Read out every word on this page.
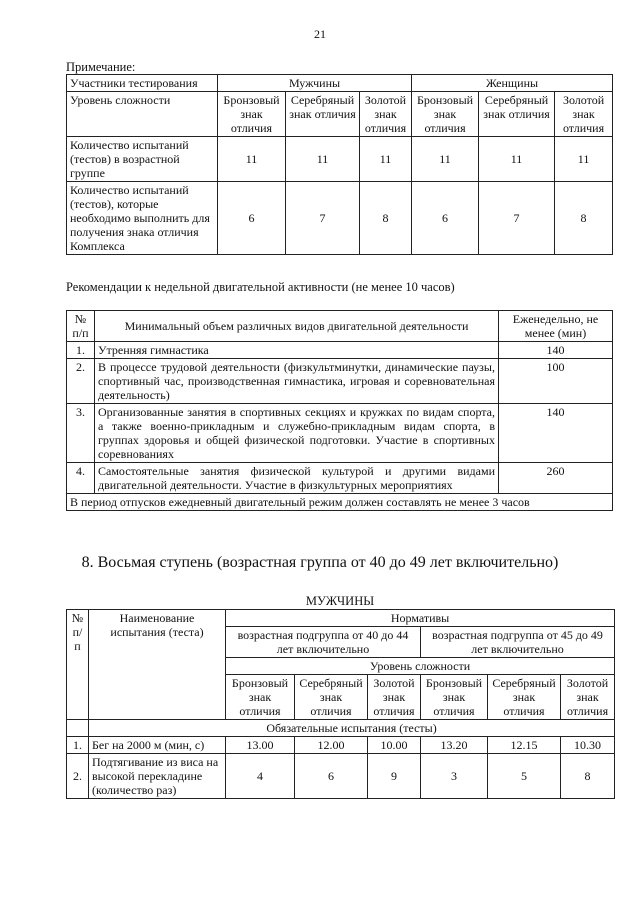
21
Примечание:
Участники тестирования	Мужчины			Женщины		
Уровень сложности	Бронзовый знак отличия	Серебряный знак отличия	Золотой знак отличия	Бронзовый знак отличия	Серебряный знак отличия	Золотой знак отличия
Количество испытаний (тестов) в возрастной группе	11	11	11	11	11	11
Количество испытаний (тестов), которые необходимо выполнить для получения знака отличия Комплекса	6	7	8	6	7	8
Рекомендации к недельной двигательной активности (не менее 10 часов)
№ п/п	Минимальный объем различных видов двигательной деятельности	Еженедельно, не менее (мин)
1.	Утренняя гимнастика	140
2.	В процессе трудовой деятельности (физкультминутки, динамические паузы, спортивный час, производственная гимнастика, игровая и соревновательная деятельность)	100
3.	Организованные занятия в спортивных секциях и кружках по видам спорта, а также военно-прикладным и служебно-прикладным видам спорта, в группах здоровья и общей физической подготовки. Участие в спортивных соревнованиях	140
4.	Самостоятельные занятия физической культурой и другими видами двигательной деятельности. Участие в физкультурных мероприятиях	260
В период отпусков ежедневный двигательный режим должен составлять не менее 3 часов		
8. Восьмая ступень (возрастная группа от 40 до 49 лет включительно)
МУЖЧИНЫ
№ п/п	Наименование испытания (теста)	Нормативы					
		возрастная подгруппа от 40 до 44 лет включительно			возрастная подгруппа от 45 до 49 лет включительно		
		Уровень сложности					
		Бронзовый знак отличия	Серебряный знак отличия	Золотой знак отличия	Бронзовый знак отличия	Серебряный знак отличия	Золотой знак отличия
	Обязательные испытания (тесты)						
1.	Бег на 2000 м (мин, с)	13.00	12.00	10.00	13.20	12.15	10.30
2.	Подтягивание из виса на высокой перекладине (количество раз)	4	6	9	3	5	8
